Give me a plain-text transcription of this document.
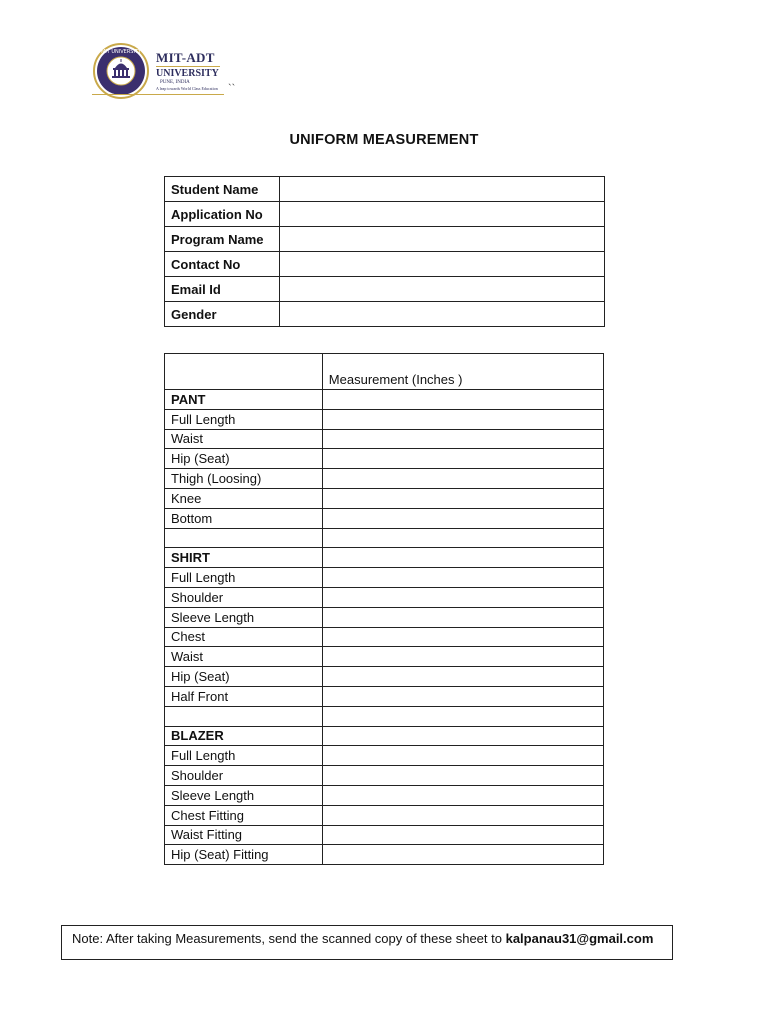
MIT UNIVERSITY MIT-ADT
UNIVERSITY
PUNE, INDIA
A leap towards World Class Education ``
UNIFORM MEASUREMENT
Student Name	
Application No	
Program Name	
Contact No	
Email Id	
Gender	
	Measurement (Inches )
PANT	
Full Length	
Waist	
Hip (Seat)	
Thigh (Loosing)	
Knee	
Bottom	

SHIRT	
Full Length	
Shoulder	
Sleeve Length	
Chest	
Waist	
Hip (Seat)	
Half Front	

BLAZER	
Full Length	
Shoulder	
Sleeve Length	
Chest Fitting	
Waist Fitting	
Hip (Seat) Fitting	
Note: After taking Measurements, send the scanned copy of these sheet to kalpanau31@gmail.com
